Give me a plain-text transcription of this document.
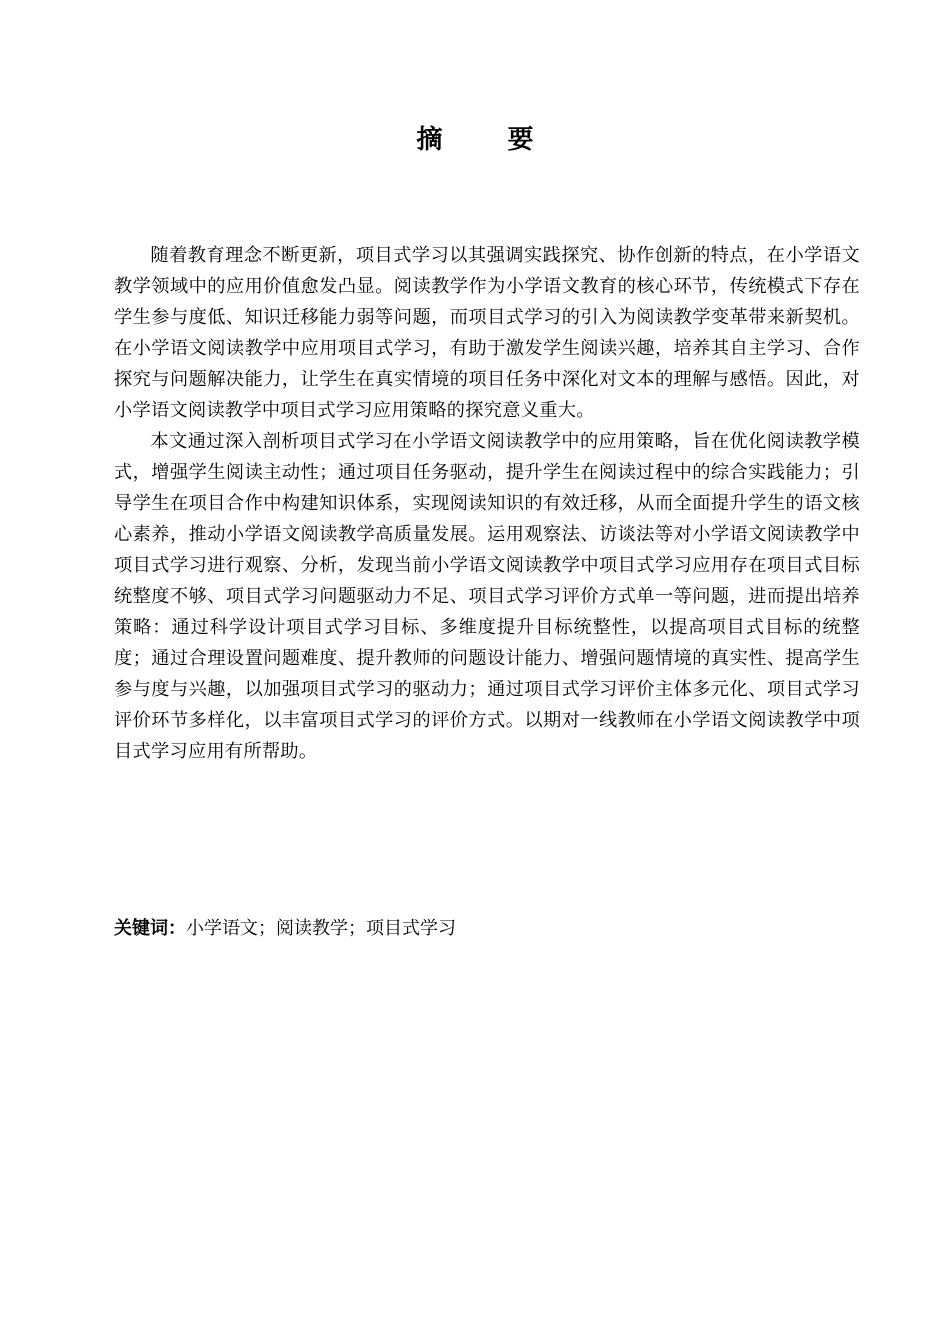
摘 要

随着教育理念不断更新，项目式学习以其强调实践探究、协作创新的特点，在小学语文教学领域中的应用价值愈发凸显。阅读教学作为小学语文教育的核心环节，传统模式下存在学生参与度低、知识迁移能力弱等问题，而项目式学习的引入为阅读教学变革带来新契机。在小学语文阅读教学中应用项目式学习，有助于激发学生阅读兴趣，培养其自主学习、合作探究与问题解决能力，让学生在真实情境的项目任务中深化对文本的理解与感悟。因此，对小学语文阅读教学中项目式学习应用策略的探究意义重大。

本文通过深入剖析项目式学习在小学语文阅读教学中的应用策略，旨在优化阅读教学模式，增强学生阅读主动性；通过项目任务驱动，提升学生在阅读过程中的综合实践能力；引导学生在项目合作中构建知识体系，实现阅读知识的有效迁移，从而全面提升学生的语文核心素养，推动小学语文阅读教学高质量发展。运用观察法、访谈法等对小学语文阅读教学中项目式学习进行观察、分析，发现当前小学语文阅读教学中项目式学习应用存在项目式目标统整度不够、项目式学习问题驱动力不足、项目式学习评价方式单一等问题，进而提出培养策略：通过科学设计项目式学习目标、多维度提升目标统整性，以提高项目式目标的统整度；通过合理设置问题难度、提升教师的问题设计能力、增强问题情境的真实性、提高学生参与度与兴趣，以加强项目式学习的驱动力；通过项目式学习评价主体多元化、项目式学习评价环节多样化，以丰富项目式学习的评价方式。以期对一线教师在小学语文阅读教学中项目式学习应用有所帮助。

关键词：小学语文；阅读教学；项目式学习
